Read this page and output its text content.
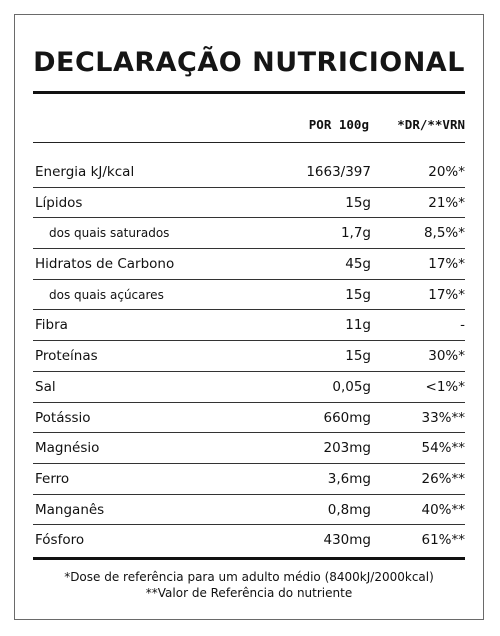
DECLARAÇÃO NUTRICIONAL
POR 100g *DR/**VRN
Energia kJ/kcal	1663/397	20%*
Lípidos	15g	21%*
dos quais saturados	1,7g	8,5%*
Hidratos de Carbono	45g	17%*
dos quais açúcares	15g	17%*
Fibra	11g	-
Proteínas	15g	30%*
Sal	0,05g	<1%*
Potássio	660mg	33%**
Magnésio	203mg	54%**
Ferro	3,6mg	26%**
Manganês	0,8mg	40%**
Fósforo	430mg	61%**
*Dose de referência para um adulto médio (8400kJ/2000kcal)
**Valor de Referência do nutriente
